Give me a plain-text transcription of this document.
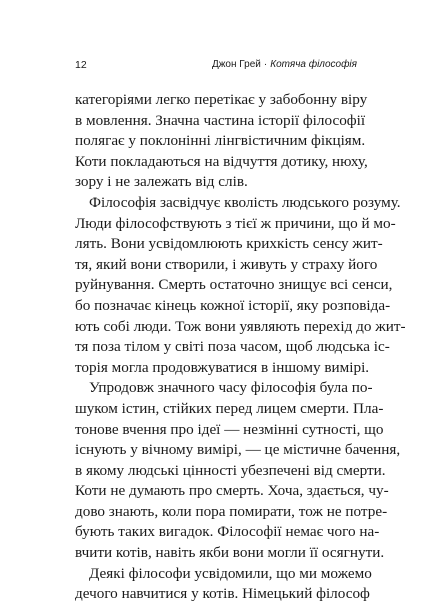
12	Джон Грей · Котяча філософія
категоріями легко перетікає у забобонну віру
в мовлення. Значна частина історії філософії
полягає у поклонінні лінгвістичним фікціям.
Коти покладаються на відчуття дотику, нюху,
зору і не залежать від слів.
Філософія засвідчує кволість людського розуму.
Люди філософствують з тієї ж причини, що й мо-
лять. Вони усвідомлюють крихкість сенсу жит-
тя, який вони створили, і живуть у страху його
руйнування. Смерть остаточно знищує всі сенси,
бо позначає кінець кожної історії, яку розповіда-
ють собі люди. Тож вони уявляють перехід до жит-
тя поза тілом у світі поза часом, щоб людська іс-
торія могла продовжуватися в іншому вимірі.
Упродовж значного часу філософія була по-
шуком істин, стійких перед лицем смерти. Пла-
тонове вчення про ідеї — незмінні сутності, що
існують у вічному вимірі, — це містичне бачення,
в якому людські цінності убезпечені від смерти.
Коти не думають про смерть. Хоча, здається, чу-
дово знають, коли пора помирати, тож не потре-
бують таких вигадок. Філософії немає чого на-
вчити котів, навіть якби вони могли її осягнути.
Деякі філософи усвідомили, що ми можемо
дечого навчитися у котів. Німецький філософ
